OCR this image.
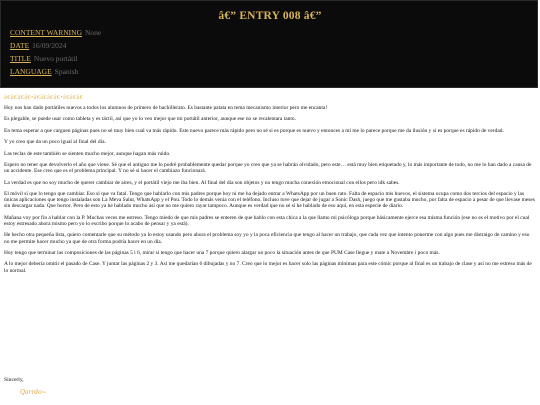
â€” ENTRY 008 â€”
CONTENT WARNING None
DATE 16/09/2024
TITLE Nuevo portátil
LANGUAGE Spanish
â€â€â€â€•â€â€â€â€•â€â€â€

Hoy nos han dado portátiles nuevos a todos los alumnos de primero de bachillerato. Es bastante patata en tema mecanismo interior pero me encanta!

Es plegable, se puede usar como tableta y es táctil, así que yo lo veo mejor que mi portátil anterior, aunque ese no se recalentara tanto.

En tema esperar a que carguen páginas pues no sé muy bien cual va más rápido. Este nuevo parece más rápido pero no sé si es porque es nuevo y entonces a mí me lo parece porque me da ilusión y si es porque es rápido de verdad.

Y yo creo que da un poco igual al final del día.

Las teclas de este también se sienten mucho mejor, aunque hagan más ruido.

Espero no tener que devolverlo el año que viene. Sé que el antiguo me lo podré probablemente quedar porque yo creo que ya se habrán olvidado, pero este… está muy bien etiquetado y, lo más importante de todo, no me lo han dado a causa de un accidente. Ese creo que es el problema principal. Y no sé si hacer el cambiazo funcionará.

La verdad es que no soy mucho de querer cambiar de aires, y el portátil viejo me iba bien. Al final del día son objetos y no tengo mucha conexión emocional con ellos pero idk sabes.

El móvil sí que lo tengo que cambiar. Eso sí que va fatal. Tengo que hablarlo con mis padres porque hoy ni me ha dejado entrar a WhatsApp por un buen rato. Falta de espacio mis huevos, el sistema ocupa como dos tercios del espacio y las únicas aplicaciones que tengo instaladas son La Meva Salut, WhatsApp y el Pou. Todo lo demás venía con el teléfono. Incluso tuve que dejar de jugar a Sonic Dash, juego que me gustaba mucho, por falta de espacio a pesar de que llevase meses sin descargar nada. Que horror. Pero de esto ya he hablado mucho así que no me quiero rayar tampoco. Aunque es verdad que no sé si he hablado de eso aquí, en esta especie de diario.

Mañana voy por fin a hablar con la P. Muchas veces me estreso. Tengo miedo de que mis padres se enteren de que hablo con esta chica a la que llamo mi psicóloga porque básicamente ejerce esa misma función (ese no es el motivo por el cual estoy estresado ahora mismo pero yo lo escribo porque lo acabo de pensar y ya está).

He hecho otra pequeña lista, quiero comentarle que su método ya lo estoy usando pero ahora el problema soy yo y la poca eficiencia que tengo al hacer un trabajo, que cada vez que intento ponerme con algo pues me distraigo de camino y eso no me permite hacer mucho ya que de otra forma podría hacer en un día.

Hoy tengo que terminar las composiciones de las páginas 5 i 6, mirar si tengo que hacer una 7 porque quiero alargar un poco la situación antes de que PUM Case llegue y mate a Novembre i poco más.

A lo mejor debería omitir el pasado de Case. Y juntar las páginas 2 y 3. Así me quedarían 6 dibujadas y no 7. Creo que lo mejor es hacer solo las páginas mínimas para este cómic porque al final es un trabajo de clase y así no me estreso más de lo normal.

Sincerly,
Qarrdo~
